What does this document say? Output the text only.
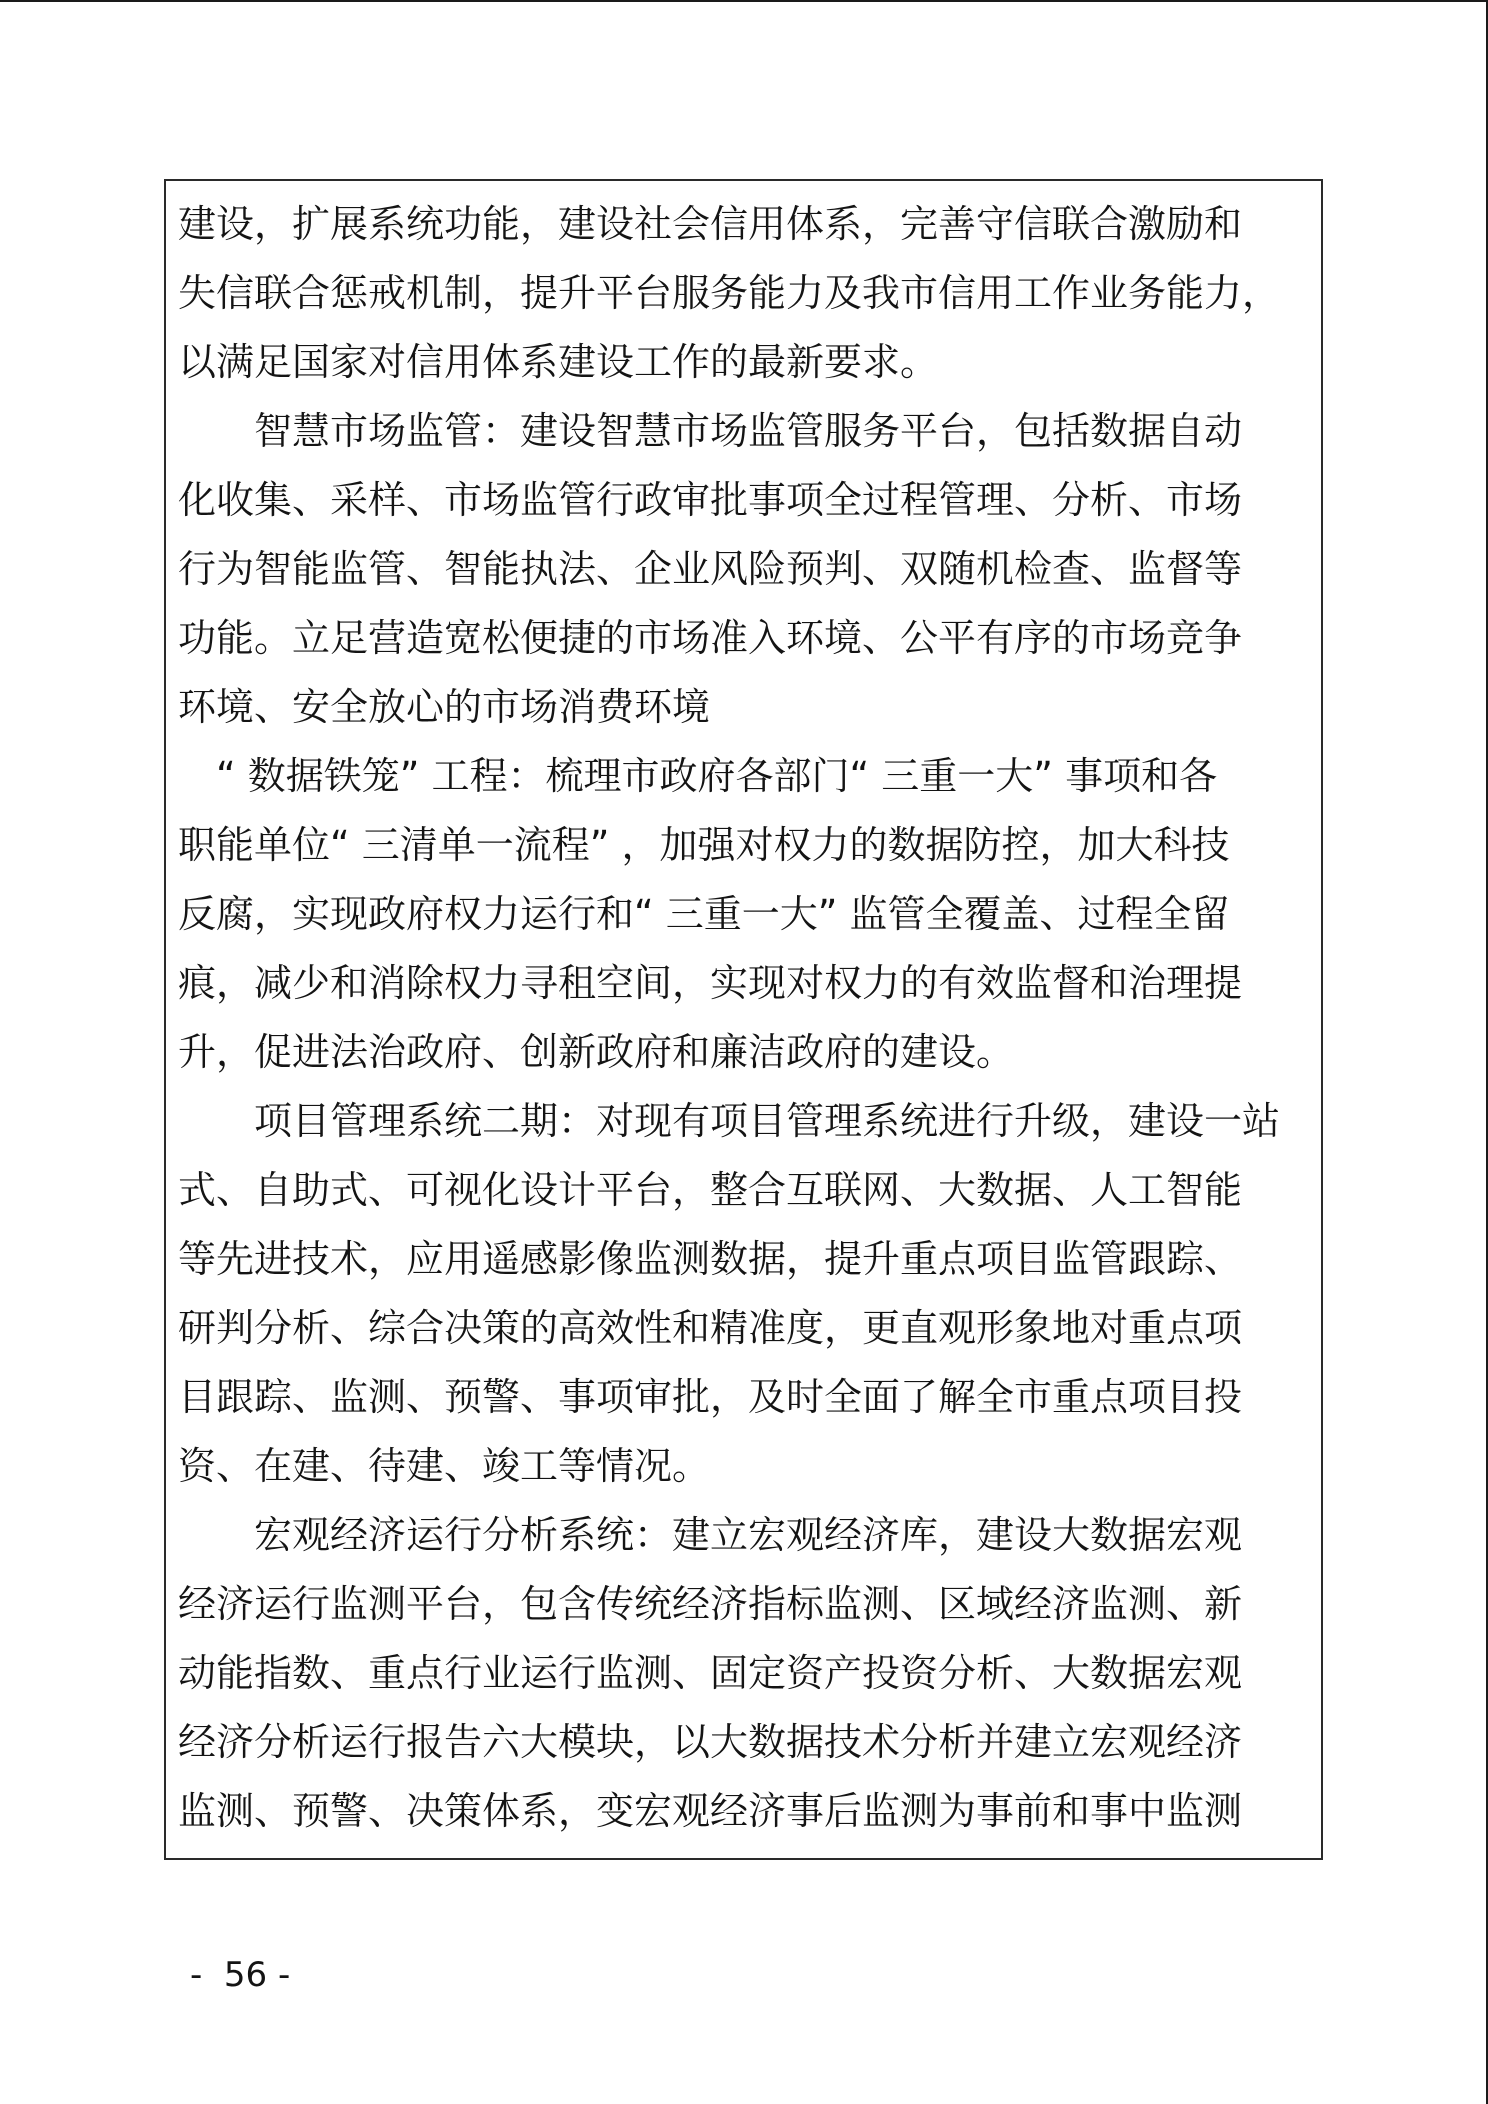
建设，扩展系统功能，建设社会信用体系，完善守信联合激励和
失信联合惩戒机制，提升平台服务能力及我市信用工作业务能力，
以满足国家对信用体系建设工作的最新要求。
　　智慧市场监管：建设智慧市场监管服务平台，包括数据自动
化收集、采样、市场监管行政审批事项全过程管理、分析、市场
行为智能监管、智能执法、企业风险预判、双随机检查、监督等
功能。立足营造宽松便捷的市场准入环境、公平有序的市场竞争
环境、安全放心的市场消费环境
　“ 数据铁笼” 工程：梳理市政府各部门“ 三重一大” 事项和各
职能单位“ 三清单一流程” ，加强对权力的数据防控，加大科技
反腐，实现政府权力运行和“ 三重一大” 监管全覆盖、过程全留
痕，减少和消除权力寻租空间，实现对权力的有效监督和治理提
升，促进法治政府、创新政府和廉洁政府的建设。
　　项目管理系统二期：对现有项目管理系统进行升级，建设一站
式、自助式、可视化设计平台，整合互联网、大数据、人工智能
等先进技术，应用遥感影像监测数据，提升重点项目监管跟踪、
研判分析、综合决策的高效性和精准度，更直观形象地对重点项
目跟踪、监测、预警、事项审批，及时全面了解全市重点项目投
资、在建、待建、竣工等情况。
　　宏观经济运行分析系统：建立宏观经济库，建设大数据宏观
经济运行监测平台，包含传统经济指标监测、区域经济监测、新
动能指数、重点行业运行监测、固定资产投资分析、大数据宏观
经济分析运行报告六大模块，以大数据技术分析并建立宏观经济
监测、预警、决策体系，变宏观经济事后监测为事前和事中监测
-  56 -
